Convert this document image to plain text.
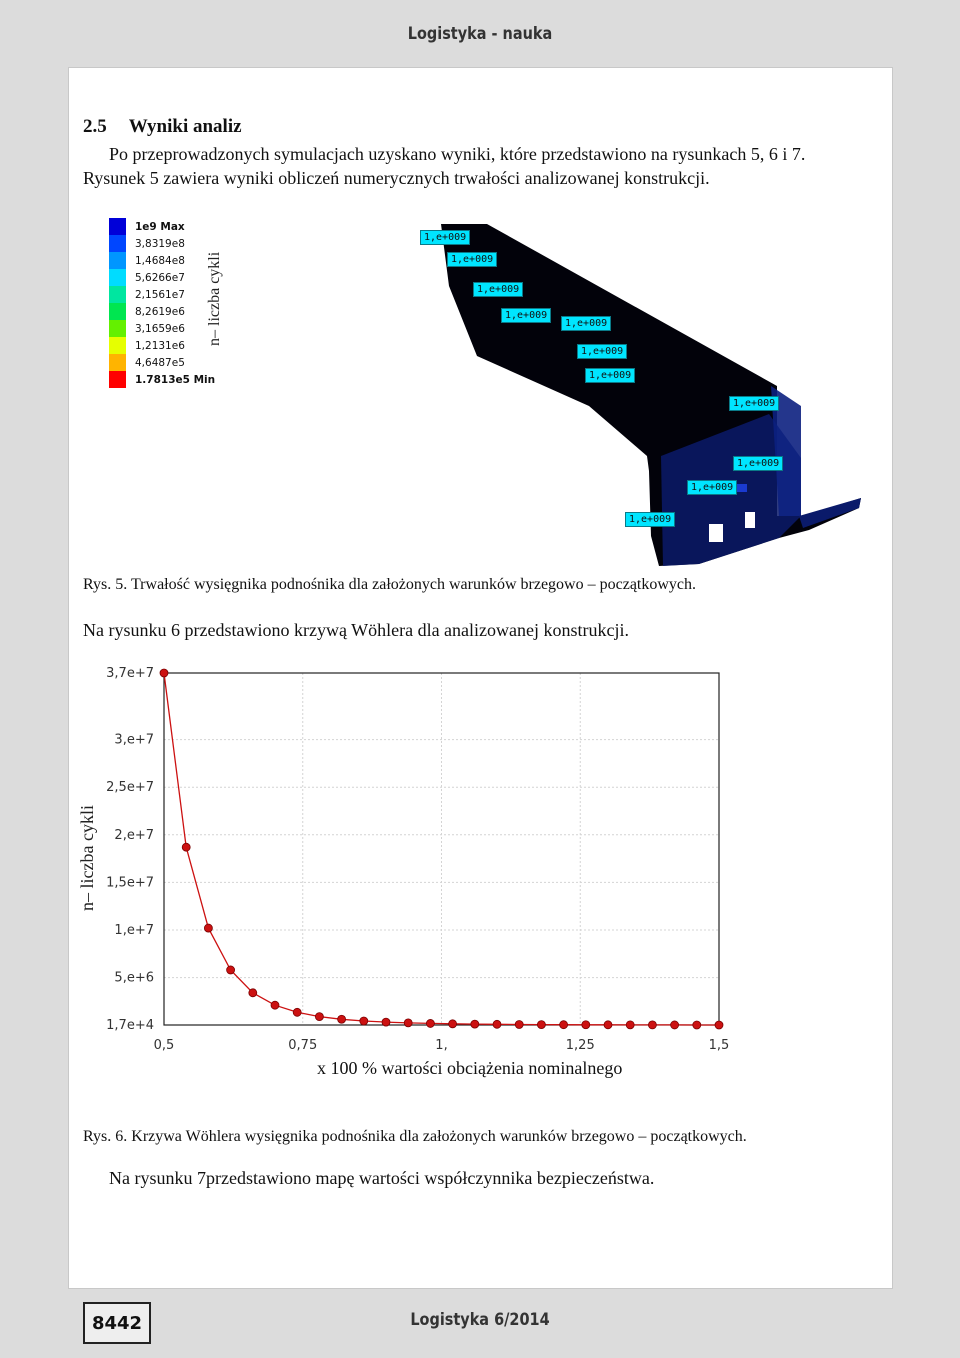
Logistyka - nauka
2.5 Wyniki analiz
Po przeprowadzonych symulacjach uzyskano wyniki, które przedstawiono na rysunkach 5, 6 i 7.
Rysunek 5 zawiera wyniki obliczeń numerycznych trwałości analizowanej konstrukcji.
1e9 Max
3,8319e8
1,4684e8
5,6266e7
2,1561e7
8,2619e6
3,1659e6
1,2131e6
4,6487e5
1.7813e5 Min
n– liczba cykli
1,e+009
1,e+009
1,e+009
1,e+009
1,e+009
1,e+009
1,e+009
1,e+009
1,e+009
1,e+009
1,e+009
Rys. 5. Trwałość wysięgnika podnośnika dla założonych warunków brzegowo – początkowych.
Na rysunku 6 przedstawiono krzywą Wöhlera dla analizowanej konstrukcji.
n– liczba cykli
3,7e+7
3,e+7
2,5e+7
2,e+7
1,5e+7
1,e+7
5,e+6
1,7e+4
0,5	0,75	1,	1,25	1,5
x 100 % wartości obciążenia nominalnego
Rys. 6. Krzywa Wöhlera wysięgnika podnośnika dla założonych warunków brzegowo – początkowych.
Na rysunku 7przedstawiono mapę wartości współczynnika bezpieczeństwa.
8442	Logistyka 6/2014
